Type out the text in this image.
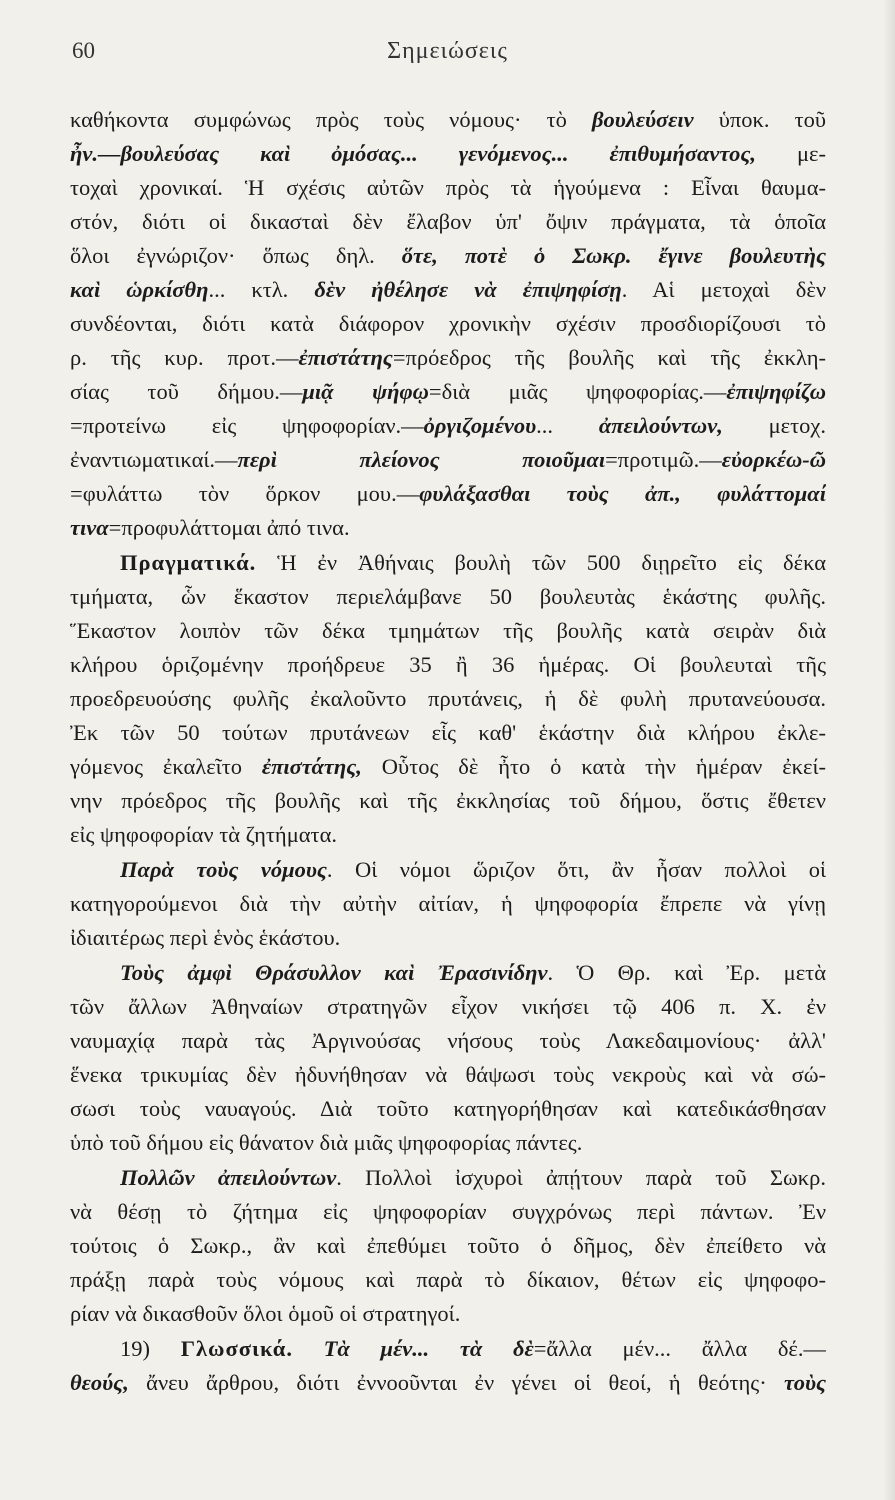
60	Σημειώσεις
καθήκοντα συμφώνως πρὸς τοὺς νόμους· τὸ βουλεύσειν ὑποκ. τοῦ
ἦν.—βουλεύσας καὶ ὀμόσας... γενόμενος... ἐπιθυμήσαντος, με-
τοχαὶ χρονικαί. Ἡ σχέσις αὐτῶν πρὸς τὰ ἡγούμενα : Εἶναι θαυμα-
στόν, διότι οἱ δικασταὶ δὲν ἔλαβον ὑπ' ὄψιν πράγματα, τὰ ὁποῖα
ὅλοι ἐγνώριζον· ὅπως δηλ. ὅτε, ποτὲ ὁ Σωκρ. ἔγινε βουλευτὴς
καὶ ὡρκίσθη... κτλ. δὲν ἠθέλησε νὰ ἐπιψηφίσῃ. Αἱ μετοχαὶ δὲν
συνδέονται, διότι κατὰ διάφορον χρονικὴν σχέσιν προσδιορίζουσι τὸ
ρ. τῆς κυρ. προτ.—ἐπιστάτης=πρόεδρος τῆς βουλῆς καὶ τῆς ἐκκλη-
σίας τοῦ δήμου.—μιᾷ ψήφῳ=διὰ μιᾶς ψηφοφορίας.—ἐπιψηφίζω
=προτείνω εἰς ψηφοφορίαν.—ὀργιζομένου... ἀπειλούντων, μετοχ.
ἐναντιωματικαί.—περὶ πλείονος ποιοῦμαι=προτιμῶ.—εὐορκέω-ῶ
=φυλάττω τὸν ὅρκον μου.—φυλάξασθαι τοὺς ἀπ., φυλάττομαί
τινα=προφυλάττομαι ἀπό τινα.
Πραγματικά. Ἡ ἐν Ἀθήναις βουλὴ τῶν 500 διῃρεῖτο εἰς δέκα
τμήματα, ὧν ἕκαστον περιελάμβανε 50 βουλευτὰς ἑκάστης φυλῆς.
Ἕκαστον λοιπὸν τῶν δέκα τμημάτων τῆς βουλῆς κατὰ σειρὰν διὰ
κλήρου ὁριζομένην προήδρευε 35 ἢ 36 ἡμέρας. Οἱ βουλευταὶ τῆς
προεδρευούσης φυλῆς ἐκαλοῦντο πρυτάνεις, ἡ δὲ φυλὴ πρυτανεύουσα.
Ἐκ τῶν 50 τούτων πρυτάνεων εἷς καθ' ἑκάστην διὰ κλήρου ἐκλε-
γόμενος ἐκαλεῖτο ἐπιστάτης, Οὗτος δὲ ἦτο ὁ κατὰ τὴν ἡμέραν ἐκεί-
νην πρόεδρος τῆς βουλῆς καὶ τῆς ἐκκλησίας τοῦ δήμου, ὅστις ἔθετεν
εἰς ψηφοφορίαν τὰ ζητήματα.
Παρὰ τοὺς νόμους. Οἱ νόμοι ὥριζον ὅτι, ἂν ἦσαν πολλοὶ οἱ
κατηγορούμενοι διὰ τὴν αὐτὴν αἰτίαν, ἡ ψηφοφορία ἔπρεπε νὰ γίνῃ
ἰδιαιτέρως περὶ ἑνὸς ἑκάστου.
Τοὺς ἀμφὶ Θράσυλλον καὶ Ἐρασινίδην. Ὁ Θρ. καὶ Ἐρ. μετὰ
τῶν ἄλλων Ἀθηναίων στρατηγῶν εἶχον νικήσει τῷ 406 π. Χ. ἐν
ναυμαχίᾳ παρὰ τὰς Ἀργινούσας νήσους τοὺς Λακεδαιμονίους· ἀλλ'
ἕνεκα τρικυμίας δὲν ἠδυνήθησαν νὰ θάψωσι τοὺς νεκροὺς καὶ νὰ σώ-
σωσι τοὺς ναυαγούς. Διὰ τοῦτο κατηγορήθησαν καὶ κατεδικάσθησαν
ὑπὸ τοῦ δήμου εἰς θάνατον διὰ μιᾶς ψηφοφορίας πάντες.
Πολλῶν ἀπειλούντων. Πολλοὶ ἰσχυροὶ ἀπῄτουν παρὰ τοῦ Σωκρ.
νὰ θέσῃ τὸ ζήτημα εἰς ψηφοφορίαν συγχρόνως περὶ πάντων. Ἐν
τούτοις ὁ Σωκρ., ἂν καὶ ἐπεθύμει τοῦτο ὁ δῆμος, δὲν ἐπείθετο νὰ
πράξῃ παρὰ τοὺς νόμους καὶ παρὰ τὸ δίκαιον, θέτων εἰς ψηφοφο-
ρίαν νὰ δικασθοῦν ὅλοι ὁμοῦ οἱ στρατηγοί.
19) Γλωσσικά. Τὰ μέν... τὰ δὲ=ἄλλα μέν... ἄλλα δέ.—
θεούς, ἄνευ ἄρθρου, διότι ἐννοοῦνται ἐν γένει οἱ θεοί, ἡ θεότης· τοὺς
